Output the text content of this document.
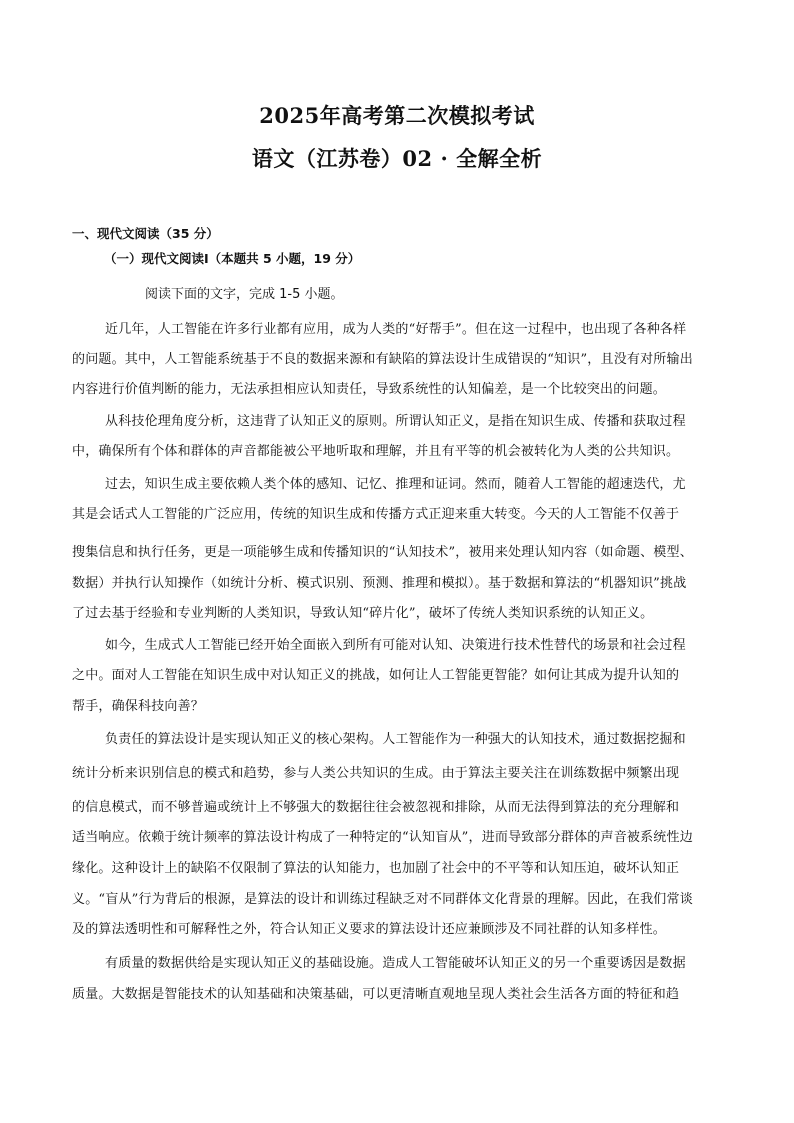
2025年高考第二次模拟考试
语文（江苏卷）02 · 全解全析
一、现代文阅读（35 分）
（一）现代文阅读Ⅰ（本题共 5 小题，19 分）
阅读下面的文字，完成 1-5 小题。
近几年，人工智能在许多行业都有应用，成为人类的“好帮手”。但在这一过程中，也出现了各种各样
的问题。其中，人工智能系统基于不良的数据来源和有缺陷的算法设计生成错误的“知识”，且没有对所输出
内容进行价值判断的能力，无法承担相应认知责任，导致系统性的认知偏差，是一个比较突出的问题。
从科技伦理角度分析，这违背了认知正义的原则。所谓认知正义，是指在知识生成、传播和获取过程
中，确保所有个体和群体的声音都能被公平地听取和理解，并且有平等的机会被转化为人类的公共知识。
过去，知识生成主要依赖人类个体的感知、记忆、推理和证词。然而，随着人工智能的超速迭代，尤
其是会话式人工智能的广泛应用，传统的知识生成和传播方式正迎来重大转变。今天的人工智能不仅善于
搜集信息和执行任务，更是一项能够生成和传播知识的“认知技术”，被用来处理认知内容（如命题、模型、
数据）并执行认知操作（如统计分析、模式识别、预测、推理和模拟）。基于数据和算法的“机器知识”挑战
了过去基于经验和专业判断的人类知识，导致认知“碎片化”，破坏了传统人类知识系统的认知正义。
如今，生成式人工智能已经开始全面嵌入到所有可能对认知、决策进行技术性替代的场景和社会过程
之中。面对人工智能在知识生成中对认知正义的挑战，如何让人工智能更智能？如何让其成为提升认知的
帮手，确保科技向善？
负责任的算法设计是实现认知正义的核心架构。人工智能作为一种强大的认知技术，通过数据挖掘和
统计分析来识别信息的模式和趋势，参与人类公共知识的生成。由于算法主要关注在训练数据中频繁出现
的信息模式，而不够普遍或统计上不够强大的数据往往会被忽视和排除，从而无法得到算法的充分理解和
适当响应。依赖于统计频率的算法设计构成了一种特定的“认知盲从”，进而导致部分群体的声音被系统性边
缘化。这种设计上的缺陷不仅限制了算法的认知能力，也加剧了社会中的不平等和认知压迫，破坏认知正
义。“盲从”行为背后的根源，是算法的设计和训练过程缺乏对不同群体文化背景的理解。因此，在我们常谈
及的算法透明性和可解释性之外，符合认知正义要求的算法设计还应兼顾涉及不同社群的认知多样性。
有质量的数据供给是实现认知正义的基础设施。造成人工智能破坏认知正义的另一个重要诱因是数据
质量。大数据是智能技术的认知基础和决策基础，可以更清晰直观地呈现人类社会生活各方面的特征和趋
